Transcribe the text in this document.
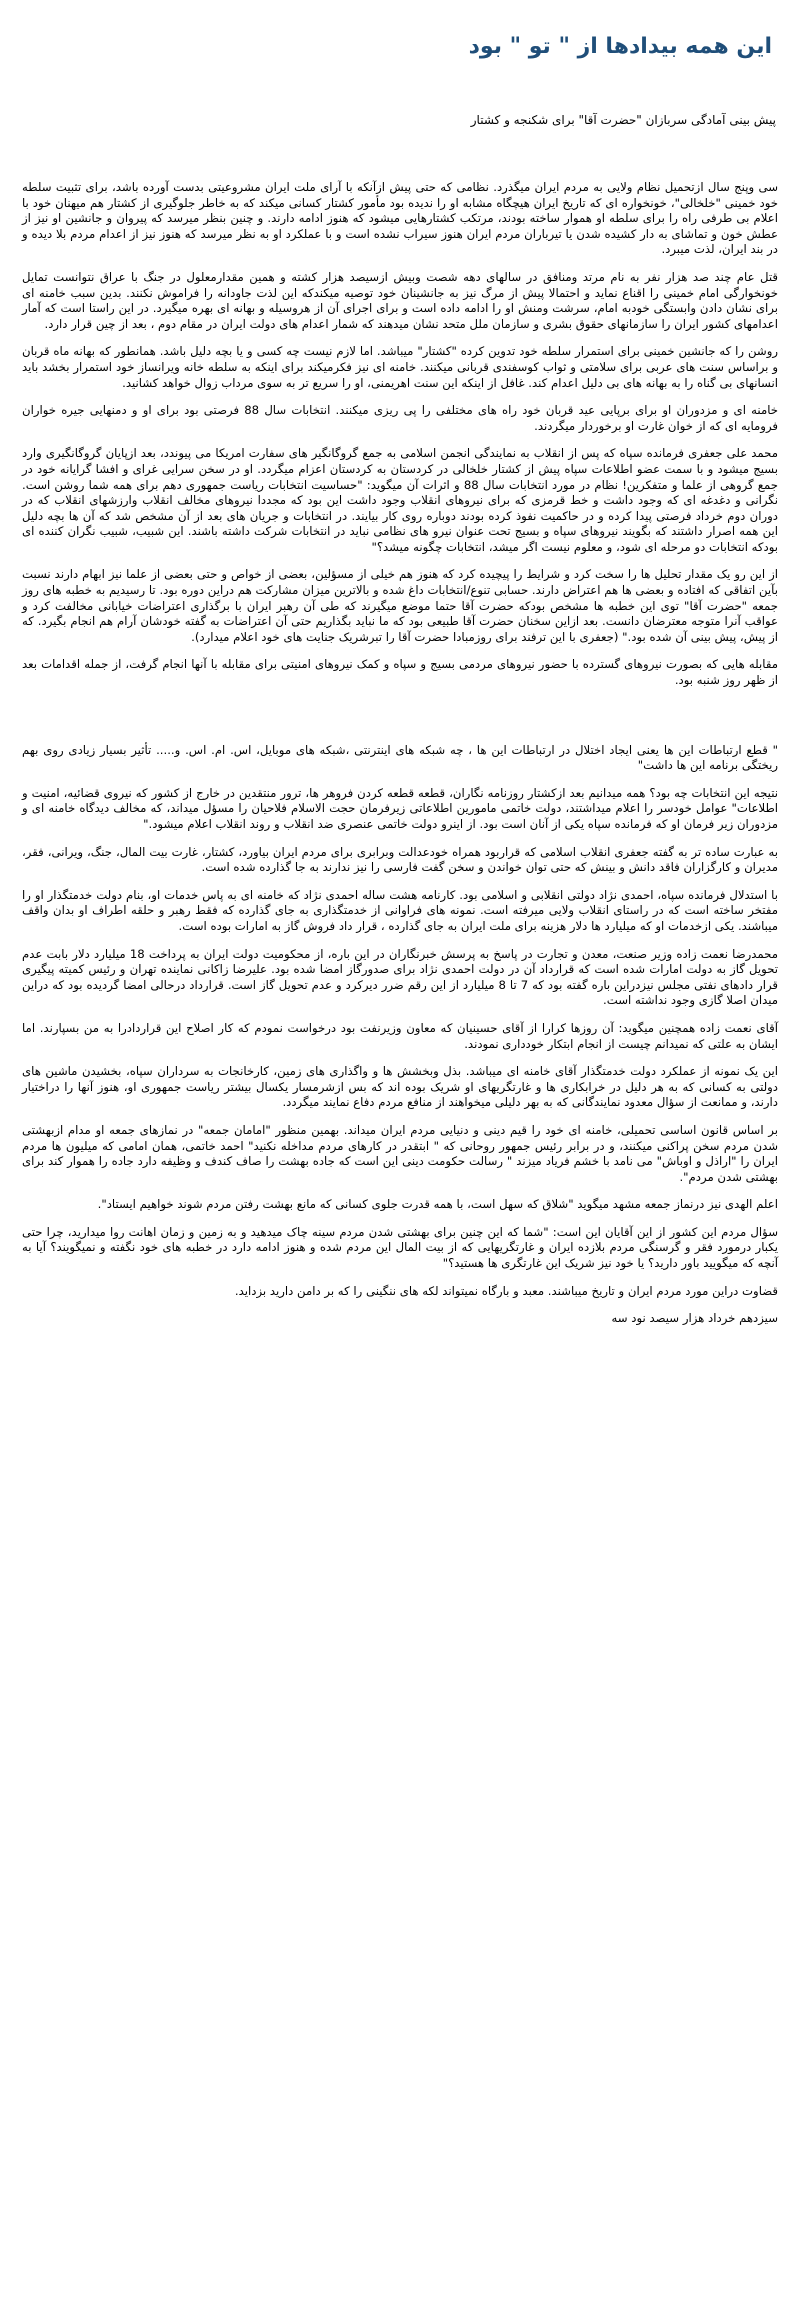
این همه بیدادها از " تو " بود

پیش بینی آمادگی سربازان "حضرت آقا" برای شکنجه و کشتار

سی وپنج سال ازتحمیل نظام ولایی به مردم ایران میگذرد. نظامی که حتی پیش ازآنکه با آرای ملت ایران مشروعیتی بدست آورده باشد، برای تثبیت سلطه خود خمینی "خلخالی"، خونخواره ای که تاریخ ایران هیچگاه مشابه او را ندیده بود مأمور کشتار کسانی میکند که به خاطر جلوگیری از کشتار هم میهنان خود با اعلام بی طرفی راه را برای سلطه او هموار ساخته بودند، مرتکب کشتارهایی میشود که هنوز ادامه دارند. و چنین بنظر میرسد که پیروان و جانشین او نیز از عطش خون و تماشای به دار کشیده شدن یا تیرباران مردم ایران هنوز سیراب نشده است و با عملکرد او به نظر میرسد که هنوز نیز از اعدام مردم بلا دیده و در بند ایران، لذت میبرد.

قتل عام چند صد هزار نفر به نام مرتد ومنافق در سالهای دهه شصت وبیش ازسیصد هزار کشته و همین مقدارمعلول در جنگ با عراق نتوانست تمایل خونخوارگی امام خمینی را اقناع نماید و احتمالا پیش از مرگ نیز به جانشینان خود توصیه میکندکه این لذت جاودانه را فراموش نکنند. بدین سبب خامنه ای برای نشان دادن وابستگی خودبه امام، سرشت ومنش او را ادامه داده است و برای اجرای آن از هروسیله و بهانه ای بهره میگیرد. در این راستا است که آمار اعدامهای کشور ایران را سازمانهای حقوق بشری و سازمان ملل متحد نشان میدهند که شمار اعدام های دولت ایران در مقام دوم ، بعد از چین قرار دارد.

روشن را که جانشین خمینی برای استمرار سلطه خود تدوین کرده "کشتار" میباشد. اما لازم نیست چه کسی و یا بچه دلیل باشد. همانطور که بهانه ماه قربان و براساس سنت های عربی برای سلامتی و ثواب کوسفندی قربانی میکنند. خامنه ای نیز فکرمیکند برای اینکه به سلطه خانه ویرانساز خود استمرار بخشد باید انسانهای بی گناه را به بهانه های بی دلیل اعدام کند. غافل از اینکه این سنت اهریمنی، او را سریع تر به سوی مرداب زوال خواهد کشانید.

خامنه ای و مزدوران او برای برپایی عید قربان خود راه های مختلفی را پی ریزی میکنند. انتخابات سال 88 فرصتی بود برای او و دمنهایی جیره خواران فرومایه ای که از خوان غارت او برخوردار میگردند.

محمد علی جعفری فرمانده سپاه که پس از انقلاب به نمایندگی انجمن اسلامی به جمع گروگانگیر های سفارت امریکا می پیوندد، بعد ازپایان گروگانگیری وارد بسیج میشود و با سمت عضو اطلاعات سپاه پیش از کشتار خلخالی در کردستان به کردستان اعزام میگردد. او در سخن سرایی غرای و افشا گرایانه خود در جمع گروهی از علما و متفکرین! نظام در مورد انتخابات سال 88 و اثرات آن میگوید: "حساسیت انتخابات ریاست جمهوری دهم برای همه شما روشن است. نگرانی و دغدغه ای که وجود داشت و خط قرمزی که برای نیروهای انقلاب وجود داشت این بود که مجددا نیروهای مخالف انقلاب وارزشهای انقلاب که در دوران دوم خرداد فرصتی پیدا کرده و در حاکمیت نفوذ کرده بودند دوباره روی کار بیایند. در انتخابات و جریان های بعد از آن مشخص شد که آن ها بچه دلیل این همه اصرار داشتند که بگویند نیروهای سپاه و بسیج تحت عنوان نیرو های نظامی نباید در انتخابات شرکت داشته باشند. این شبیب، شبیب نگران کننده ای بودکه انتخابات دو مرحله ای شود، و معلوم نیست اگر میشد، انتخابات چگونه میشد؟"

از این رو یک مقدار تحلیل ها را سخت کرد و شرایط را پیچیده کرد که هنوز هم خیلی از مسؤلین، بعضی از خواص و حتی بعضی از علما نیز ابهام دارند نسبت بآین اتفاقی که افتاده و بعضی ها هم اعتراض دارند. حسابی تنوع/انتخابات داغ شده و بالاترین میزان مشارکت هم دراین دوره بود. تا رسیدیم به خطبه های روز جمعه "حضرت آقا" توی این خطبه ها مشخص بودکه حضرت آقا حتما موضع میگیرند که طی آن رهبر ایران با برگذاری اعتراضات خیابانی مخالفت کرد و عواقب آنرا متوجه معترضان دانست. بعد ازاین سخنان حضرت آقا طبیعی بود که ما نباید بگذاریم حتی آن اعتراضات به گفته خودشان آرام هم انجام بگیرد. که از پیش، پیش بینی آن شده بود." (جعفری با این ترفند برای روزمبادا حضرت آقا را تبرشریک جنایت های خود اعلام میدارد).

مقابله هایی که بصورت نیروهای گسترده با حضور نیروهای مردمی بسیج و سپاه و کمک نیروهای امنیتی برای مقابله با آنها انجام گرفت، از جمله اقدامات بعد از ظهر روز شنبه بود.

" قطع ارتباطات این ها یعنی ایجاد اختلال در ارتباطات این ها ، چه شبکه های اینترنتی ،شبکه های موبایل، اس. ام. اس. و..... تأثیر بسیار زیادی روی بهم ریختگی برنامه این ها داشت"

نتیجه این انتخابات چه بود؟ همه میدانیم بعد ازکشتار روزنامه نگاران، قطعه قطعه کردن فروهر ها، ترور منتقدین در خارج از کشور که نیروی قضائیه، امنیت و اطلاعات" عوامل خودسر را اعلام میداشتند، دولت خاتمی مامورین اطلاعاتی زیرفرمان حجت الاسلام فلاحیان را مسؤل میداند، که مخالف دیدگاه خامنه ای و مزدوران زیر فرمان او که فرمانده سپاه یکی از آنان است بود. از اینرو دولت خاتمی عنصری ضد انقلاب و روند انقلاب اعلام میشود."

به عبارت ساده تر به گفته جعفری انقلاب اسلامی که قراربود همراه خودعدالت وبرابری برای مردم ایران بیاورد، کشتار، غارت بیت المال، جنگ، ویرانی، فقر، مدیران و کارگزاران فاقد دانش و بینش که حتی توان خواندن و سخن گفت فارسی را نیز ندارند به جا گذارده شده است.

با استدلال فرمانده سپاه، احمدی نژاد دولتی انقلابی و اسلامی بود. کارنامه هشت ساله احمدی نژاد که خامنه ای به پاس خدمات او، بنام دولت خدمتگذار او را مفتخر ساخته است که در راستای انقلاب ولایی میرفته است. نمونه های فراوانی از خدمتگذاری به جای گذارده که فقط رهبر و حلقه اطراف او بدان واقف میباشند. یکی ازخدمات او که میلیارد ها دلار هزینه برای ملت ایران به جای گذارده ، قرار داد فروش گاز به امارات بوده است.

محمدرضا نعمت زاده وزیر صنعت، معدن و تجارت در پاسخ به پرسش خبرنگاران در این باره، از محکومیت دولت ایران به پرداخت 18 میلیارد دلار بابت عدم تحویل گاز به دولت امارات شده است که قرارداد آن در دولت احمدی نژاد برای صدورگاز امضا شده بود. علیرضا زاکانی نماینده تهران و رئیس کمیته پیگیری قرار دادهای نفتی مجلس نیزدراین باره گفته بود که 7 تا 8 میلیارد از این رقم ضرر دیرکرد و عدم تحویل گاز است. قرارداد درحالی امضا گردیده بود که دراین میدان اصلا گازی وجود نداشته است.

آقای نعمت زاده همچنین میگوید: آن روزها کرارا از آقای حسینیان که معاون وزیرنفت بود درخواست نمودم که کار اصلاح این قراردادرا به من بسپارند. اما ایشان به علتی که نمیدانم چیست از انجام ابتکار خودداری نمودند.

این یک نمونه از عملکرد دولت خدمتگذار آقای خامنه ای میباشد. بذل وبخشش ها و واگذاری های زمین، کارخانجات به سرداران سپاه، بخشیدن ماشین های دولتی به کسانی که به هر دلیل در خرابکاری ها و غارتگریهای او شریک بوده اند که بس ازشرمسار یکسال بیشتر ریاست جمهوری او، هنوز آنها را دراختیار دارند، و ممانعت از سؤال معدود نمایندگانی که به بهر دلیلی میخواهند از منافع مردم دفاع نمایند میگردد.

بر اساس قانون اساسی تحمیلی، خامنه ای خود را قیم دینی و دنیایی مردم ایران میداند. بهمین منظور "امامان جمعه" در نمازهای جمعه او مدام ازبهشتی شدن مردم سخن پراکنی میکنند، و در برابر رئیس جمهور روحانی که " ابتقدر در کارهای مردم مداخله نکنید" احمد خاتمی، همان امامی که میلیون ها مردم ایران را "اراذل و اوباش" می نامد با خشم فریاد میزند " رسالت حکومت دینی این است که جاده بهشت را صاف کندف و وظیفه دارد جاده را هموار کند برای بهشتی شدن مردم".

اعلم الهدی نیز درنماز جمعه مشهد میگوید "شلاق که سهل است، با همه قدرت جلوی کسانی که مانع بهشت رفتن مردم شوند خواهیم ایستاد".

سؤال مردم این کشور از این آقایان این است: "شما که این چنین برای بهشتی شدن مردم سینه چاک میدهید و به زمین و زمان اهانت روا میدارید، چرا حتی یکبار درمورد فقر و گرسنگی مردم بلازده ایران و غارتگریهایی که از بیت المال این مردم شده و هنوز ادامه دارد در خطبه های خود نگفته و نمیگویند؟ آیا به آنچه که میگویید باور دارید؟ یا خود نیز شریک این غارتگری ها هستید؟"

قضاوت دراین مورد مردم ایران و تاریخ میباشند. معبد و بارگاه نمیتواند لکه های ننگینی را که بر دامن دارید بزداید.

سیزدهم خرداد هزار سیصد نود سه
